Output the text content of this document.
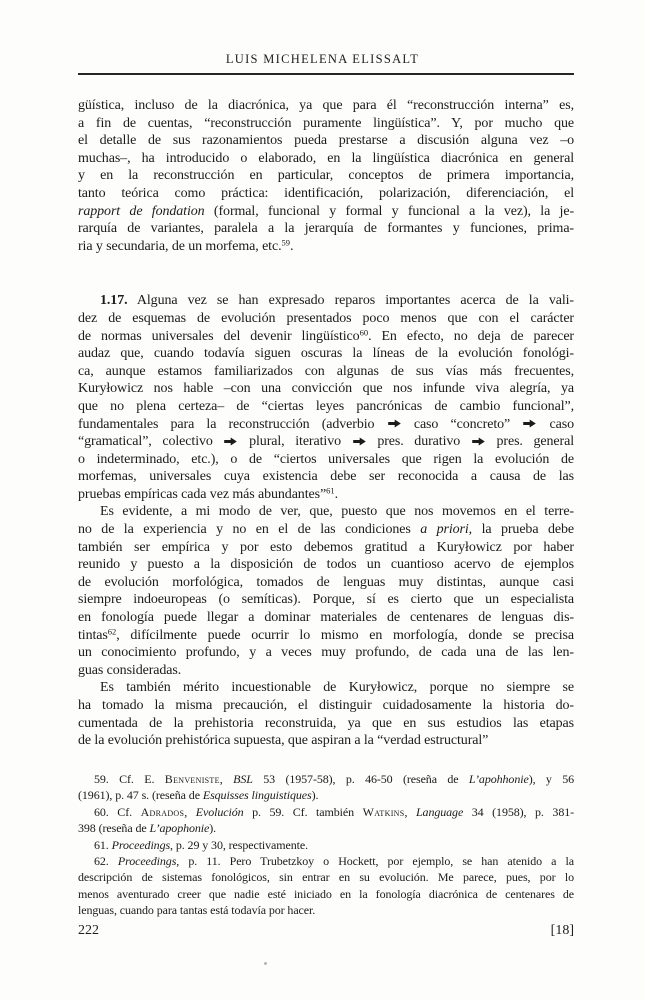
LUIS MICHELENA ELISSALT
güística, incluso de la diacrónica, ya que para él “reconstrucción interna” es,
a fin de cuentas, “reconstrucción puramente lingüística”. Y, por mucho que
el detalle de sus razonamientos pueda prestarse a discusión alguna vez –o
muchas–, ha introducido o elaborado, en la lingüística diacrónica en general
y en la reconstrucción en particular, conceptos de primera importancia,
tanto teórica como práctica: identificación, polarización, diferenciación, el
rapport de fondation (formal, funcional y formal y funcional a la vez), la je-
rarquía de variantes, paralela a la jerarquía de formantes y funciones, prima-
ria y secundaria, de un morfema, etc.$^{59}$.
1.17. Alguna vez se han expresado reparos importantes acerca de la vali-
dez de esquemas de evolución presentados poco menos que con el carácter
de normas universales del devenir lingüístico$^{60}$. En efecto, no deja de parecer
audaz que, cuando todavía siguen oscuras la líneas de la evolución fonológi-
ca, aunque estamos familiarizados con algunas de sus vías más frecuentes,
Kuryłowicz nos hable –con una convicción que nos infunde viva alegría, ya
que no plena certeza– de “ciertas leyes pancrónicas de cambio funcional”,
fundamentales para la reconstrucción (adverbio  caso “concreto”  caso
“gramatical”, colectivo  plural, iterativo  pres. durativo  pres. general
o indeterminado, etc.), o de “ciertos universales que rigen la evolución de
morfemas, universales cuya existencia debe ser reconocida a causa de las
pruebas empíricas cada vez más abundantes”$^{61}$.
Es evidente, a mi modo de ver, que, puesto que nos movemos en el terre-
no de la experiencia y no en el de las condiciones a priori, la prueba debe
también ser empírica y por esto debemos gratitud a Kuryłowicz por haber
reunido y puesto a la disposición de todos un cuantioso acervo de ejemplos
de evolución morfológica, tomados de lenguas muy distintas, aunque casi
siempre indoeuropeas (o semíticas). Porque, sí es cierto que un especialista
en fonología puede llegar a dominar materiales de centenares de lenguas dis-
tintas$^{62}$, difícilmente puede ocurrir lo mismo en morfología, donde se precisa
un conocimiento profundo, y a veces muy profundo, de cada una de las len-
guas consideradas.
Es también mérito incuestionable de Kuryłowicz, porque no siempre se
ha tomado la misma precaución, el distinguir cuidadosamente la historia do-
cumentada de la prehistoria reconstruida, ya que en sus estudios las etapas
de la evolución prehistórica supuesta, que aspiran a la “verdad estructural”
59. Cf. E. Benveniste, BSL 53 (1957-58), p. 46-50 (reseña de L’apohhonie), y 56
(1961), p. 47 s. (reseña de Esquisses linguistiques).
60. Cf. Adrados, Evolución p. 59. Cf. también Watkins, Language 34 (1958), p. 381-
398 (reseña de L’apophonie).
61. Proceedings, p. 29 y 30, respectivamente.
62. Proceedings, p. 11. Pero Trubetzkoy o Hockett, por ejemplo, se han atenido a la
descripción de sistemas fonológicos, sin entrar en su evolución. Me parece, pues, por lo
menos aventurado creer que nadie esté iniciado en la fonología diacrónica de centenares de
lenguas, cuando para tantas está todavía por hacer.
222	[18]
